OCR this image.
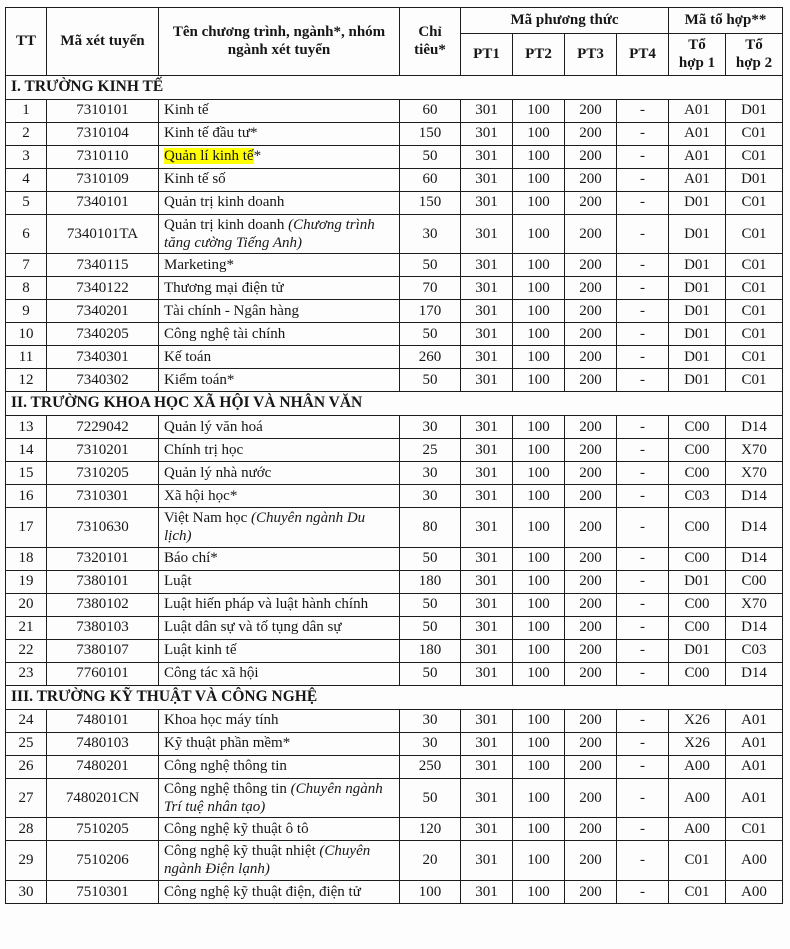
TT	Mã xét tuyển	Tên chương trình, ngành*, nhóm ngành xét tuyển	Chỉ tiêu*	Mã phương thức				Mã tổ hợp**	
				PT1	PT2	PT3	PT4	Tổ hợp 1	Tổ hợp 2
I. TRƯỜNG KINH TẾ									
1	7310101	Kinh tế	60	301	100	200	-	A01	D01
2	7310104	Kinh tế đầu tư*	150	301	100	200	-	A01	C01
3	7310110	Quản lí kinh tế*	50	301	100	200	-	A01	C01
4	7310109	Kinh tế số	60	301	100	200	-	A01	D01
5	7340101	Quản trị kinh doanh	150	301	100	200	-	D01	C01
6	7340101TA	Quản trị kinh doanh (Chương trình tăng cường Tiếng Anh)	30	301	100	200	-	D01	C01
7	7340115	Marketing*	50	301	100	200	-	D01	C01
8	7340122	Thương mại điện tử	70	301	100	200	-	D01	C01
9	7340201	Tài chính - Ngân hàng	170	301	100	200	-	D01	C01
10	7340205	Công nghệ tài chính	50	301	100	200	-	D01	C01
11	7340301	Kế toán	260	301	100	200	-	D01	C01
12	7340302	Kiểm toán*	50	301	100	200	-	D01	C01
II. TRƯỜNG KHOA HỌC XÃ HỘI VÀ NHÂN VĂN									
13	7229042	Quản lý văn hoá	30	301	100	200	-	C00	D14
14	7310201	Chính trị học	25	301	100	200	-	C00	X70
15	7310205	Quản lý nhà nước	30	301	100	200	-	C00	X70
16	7310301	Xã hội học*	30	301	100	200	-	C03	D14
17	7310630	Việt Nam học (Chuyên ngành Du lịch)	80	301	100	200	-	C00	D14
18	7320101	Báo chí*	50	301	100	200	-	C00	D14
19	7380101	Luật	180	301	100	200	-	D01	C00
20	7380102	Luật hiến pháp và luật hành chính	50	301	100	200	-	C00	X70
21	7380103	Luật dân sự và tố tụng dân sự	50	301	100	200	-	C00	D14
22	7380107	Luật kinh tế	180	301	100	200	-	D01	C03
23	7760101	Công tác xã hội	50	301	100	200	-	C00	D14
III. TRƯỜNG KỸ THUẬT VÀ CÔNG NGHỆ									
24	7480101	Khoa học máy tính	30	301	100	200	-	X26	A01
25	7480103	Kỹ thuật phần mềm*	30	301	100	200	-	X26	A01
26	7480201	Công nghệ thông tin	250	301	100	200	-	A00	A01
27	7480201CN	Công nghệ thông tin (Chuyên ngành Trí tuệ nhân tạo)	50	301	100	200	-	A00	A01
28	7510205	Công nghệ kỹ thuật ô tô	120	301	100	200	-	A00	C01
29	7510206	Công nghệ kỹ thuật nhiệt (Chuyên ngành Điện lạnh)	20	301	100	200	-	C01	A00
30	7510301	Công nghệ kỹ thuật điện, điện tử	100	301	100	200	-	C01	A00
